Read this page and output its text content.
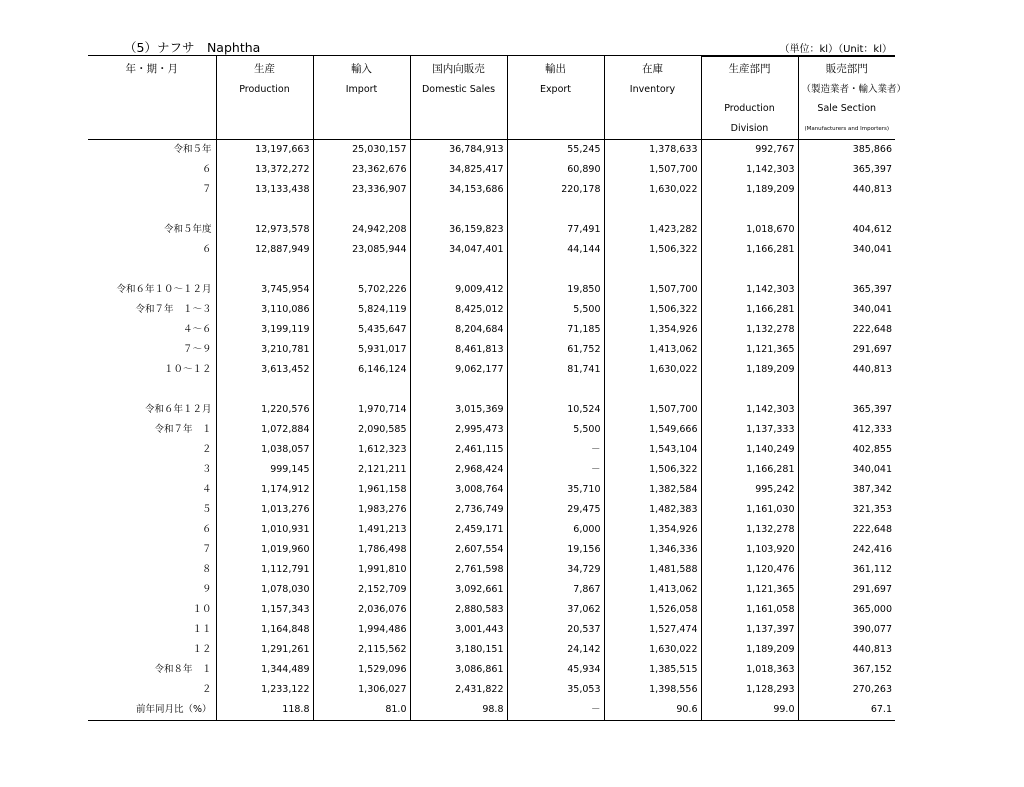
（5）ナフサ　Naphtha	（単位：kl）（Unit：kl）

年・期・月	生産	輸入	国内向販売	輸出	在庫	生産部門	販売部門
	Production	Import	Domestic Sales	Export	Inventory		（製造業者・輸入業者）
						Production	Sale Section
						Division	(Manufacturers and Importers)
令和５年	13,197,663	25,030,157	36,784,913	55,245	1,378,633	992,767	385,866
６	13,372,272	23,362,676	34,825,417	60,890	1,507,700	1,142,303	365,397
７	13,133,438	23,336,907	34,153,686	220,178	1,630,022	1,189,209	440,813

令和５年度	12,973,578	24,942,208	36,159,823	77,491	1,423,282	1,018,670	404,612
６	12,887,949	23,085,944	34,047,401	44,144	1,506,322	1,166,281	340,041

令和６年１０～１２月	3,745,954	5,702,226	9,009,412	19,850	1,507,700	1,142,303	365,397
令和７年　１～３	3,110,086	5,824,119	8,425,012	5,500	1,506,322	1,166,281	340,041
４～６	3,199,119	5,435,647	8,204,684	71,185	1,354,926	1,132,278	222,648
７～９	3,210,781	5,931,017	8,461,813	61,752	1,413,062	1,121,365	291,697
１０～１２	3,613,452	6,146,124	9,062,177	81,741	1,630,022	1,189,209	440,813

令和６年１２月	1,220,576	1,970,714	3,015,369	10,524	1,507,700	1,142,303	365,397
令和７年　１	1,072,884	2,090,585	2,995,473	5,500	1,549,666	1,137,333	412,333
２	1,038,057	1,612,323	2,461,115	－	1,543,104	1,140,249	402,855
３	999,145	2,121,211	2,968,424	－	1,506,322	1,166,281	340,041
４	1,174,912	1,961,158	3,008,764	35,710	1,382,584	995,242	387,342
５	1,013,276	1,983,276	2,736,749	29,475	1,482,383	1,161,030	321,353
６	1,010,931	1,491,213	2,459,171	6,000	1,354,926	1,132,278	222,648
７	1,019,960	1,786,498	2,607,554	19,156	1,346,336	1,103,920	242,416
８	1,112,791	1,991,810	2,761,598	34,729	1,481,588	1,120,476	361,112
９	1,078,030	2,152,709	3,092,661	7,867	1,413,062	1,121,365	291,697
１０	1,157,343	2,036,076	2,880,583	37,062	1,526,058	1,161,058	365,000
１１	1,164,848	1,994,486	3,001,443	20,537	1,527,474	1,137,397	390,077
１２	1,291,261	2,115,562	3,180,151	24,142	1,630,022	1,189,209	440,813
令和８年　１	1,344,489	1,529,096	3,086,861	45,934	1,385,515	1,018,363	367,152
２	1,233,122	1,306,027	2,431,822	35,053	1,398,556	1,128,293	270,263
前年同月比（%）	118.8	81.0	98.8	－	90.6	99.0	67.1
